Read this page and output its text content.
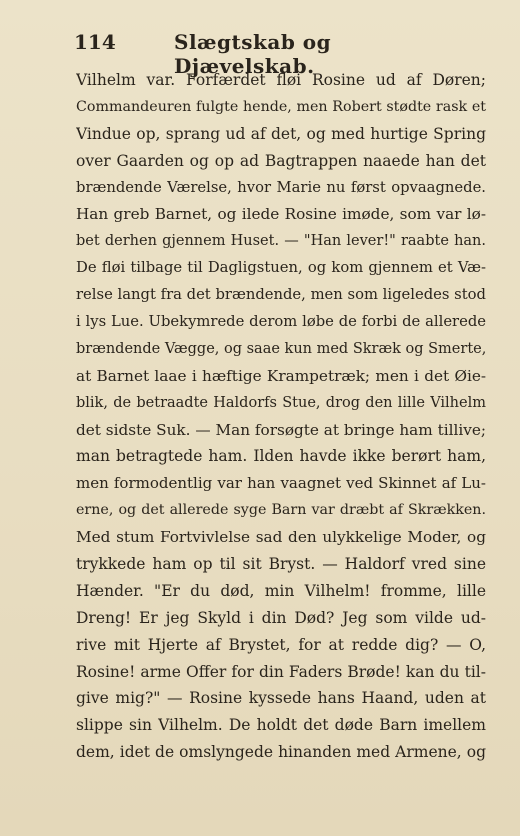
114	Slægtskab og Djævelskab.
Vilhelm var. Forfærdet fløi Rosine ud af Døren;
Commandeuren fulgte hende, men Robert stødte rask et
Vindue op, sprang ud af det, og med hurtige Spring
over Gaarden og op ad Bagtrappen naaede han det
brændende Værelse, hvor Marie nu først opvaagnede.
Han greb Barnet, og ilede Rosine imøde, som var lø-
bet derhen gjennem Huset. — "Han lever!" raabte han.
De fløi tilbage til Dagligstuen, og kom gjennem et Væ-
relse langt fra det brændende, men som ligeledes stod
i lys Lue. Ubekymrede derom løbe de forbi de allerede
brændende Vægge, og saae kun med Skræk og Smerte,
at Barnet laae i hæftige Krampetræk; men i det Øie-
blik, de betraadte Haldorfs Stue, drog den lille Vilhelm
det sidste Suk. — Man forsøgte at bringe ham tillive;
man betragtede ham. Ilden havde ikke berørt ham,
men formodentlig var han vaagnet ved Skinnet af Lu-
erne, og det allerede syge Barn var dræbt af Skrækken.
Med stum Fortvivlelse sad den ulykkelige Moder, og
trykkede ham op til sit Bryst. — Haldorf vred sine
Hænder. "Er du død, min Vilhelm! fromme, lille
Dreng! Er jeg Skyld i din Død? Jeg som vilde ud-
rive mit Hjerte af Brystet, for at redde dig? — O,
Rosine! arme Offer for din Faders Brøde! kan du til-
give mig?" — Rosine kyssede hans Haand, uden at
slippe sin Vilhelm. De holdt det døde Barn imellem
dem, idet de omslyngede hinanden med Armene, og
